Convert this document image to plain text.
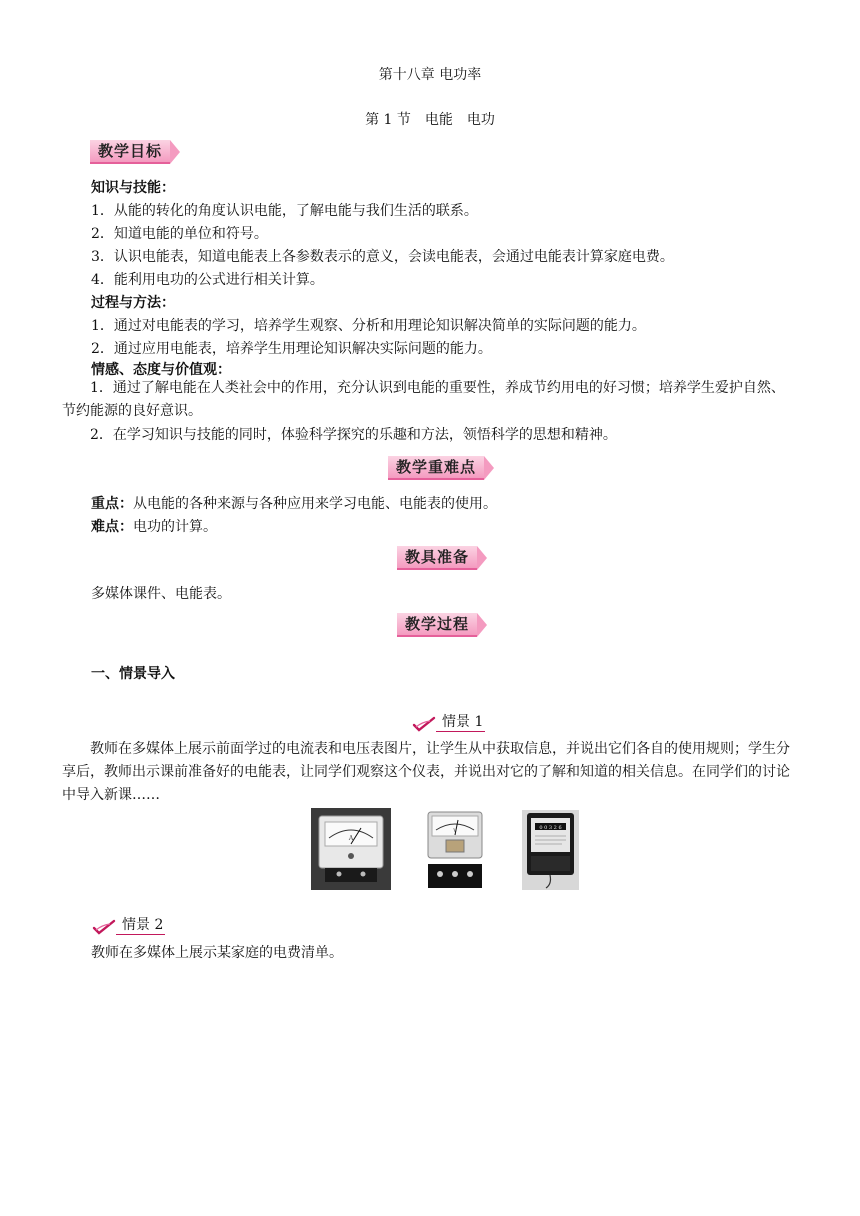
第十八章 电功率
第 1 节　电能　电功
教学目标
知识与技能：
1．从能的转化的角度认识电能，了解电能与我们生活的联系。
2．知道电能的单位和符号。
3．认识电能表，知道电能表上各参数表示的意义，会读电能表，会通过电能表计算家庭电费。
4．能利用电功的公式进行相关计算。
过程与方法：
1．通过对电能表的学习，培养学生观察、分析和用理论知识解决简单的实际问题的能力。
2．通过应用电能表，培养学生用理论知识解决实际问题的能力。
情感、态度与价值观：
1．通过了解电能在人类社会中的作用，充分认识到电能的重要性，养成节约用电的好习惯；培养学生爱护自然、节约能源的良好意识。
2．在学习知识与技能的同时，体验科学探究的乐趣和方法，领悟科学的思想和精神。
教学重难点
重点：从电能的各种来源与各种应用来学习电能、电能表的使用。
难点：电功的计算。
教具准备
多媒体课件、电能表。
教学过程
一、情景导入
情景 1
教师在多媒体上展示前面学过的电流表和电压表图片，让学生从中获取信息，并说出它们各自的使用规则；学生分享后，教师出示课前准备好的电能表，让同学们观察这个仪表，并说出对它的了解和知道的相关信息。在同学们的讨论中导入新课……
A
V	0 0 3 2 6
情景 2
教师在多媒体上展示某家庭的电费清单。
